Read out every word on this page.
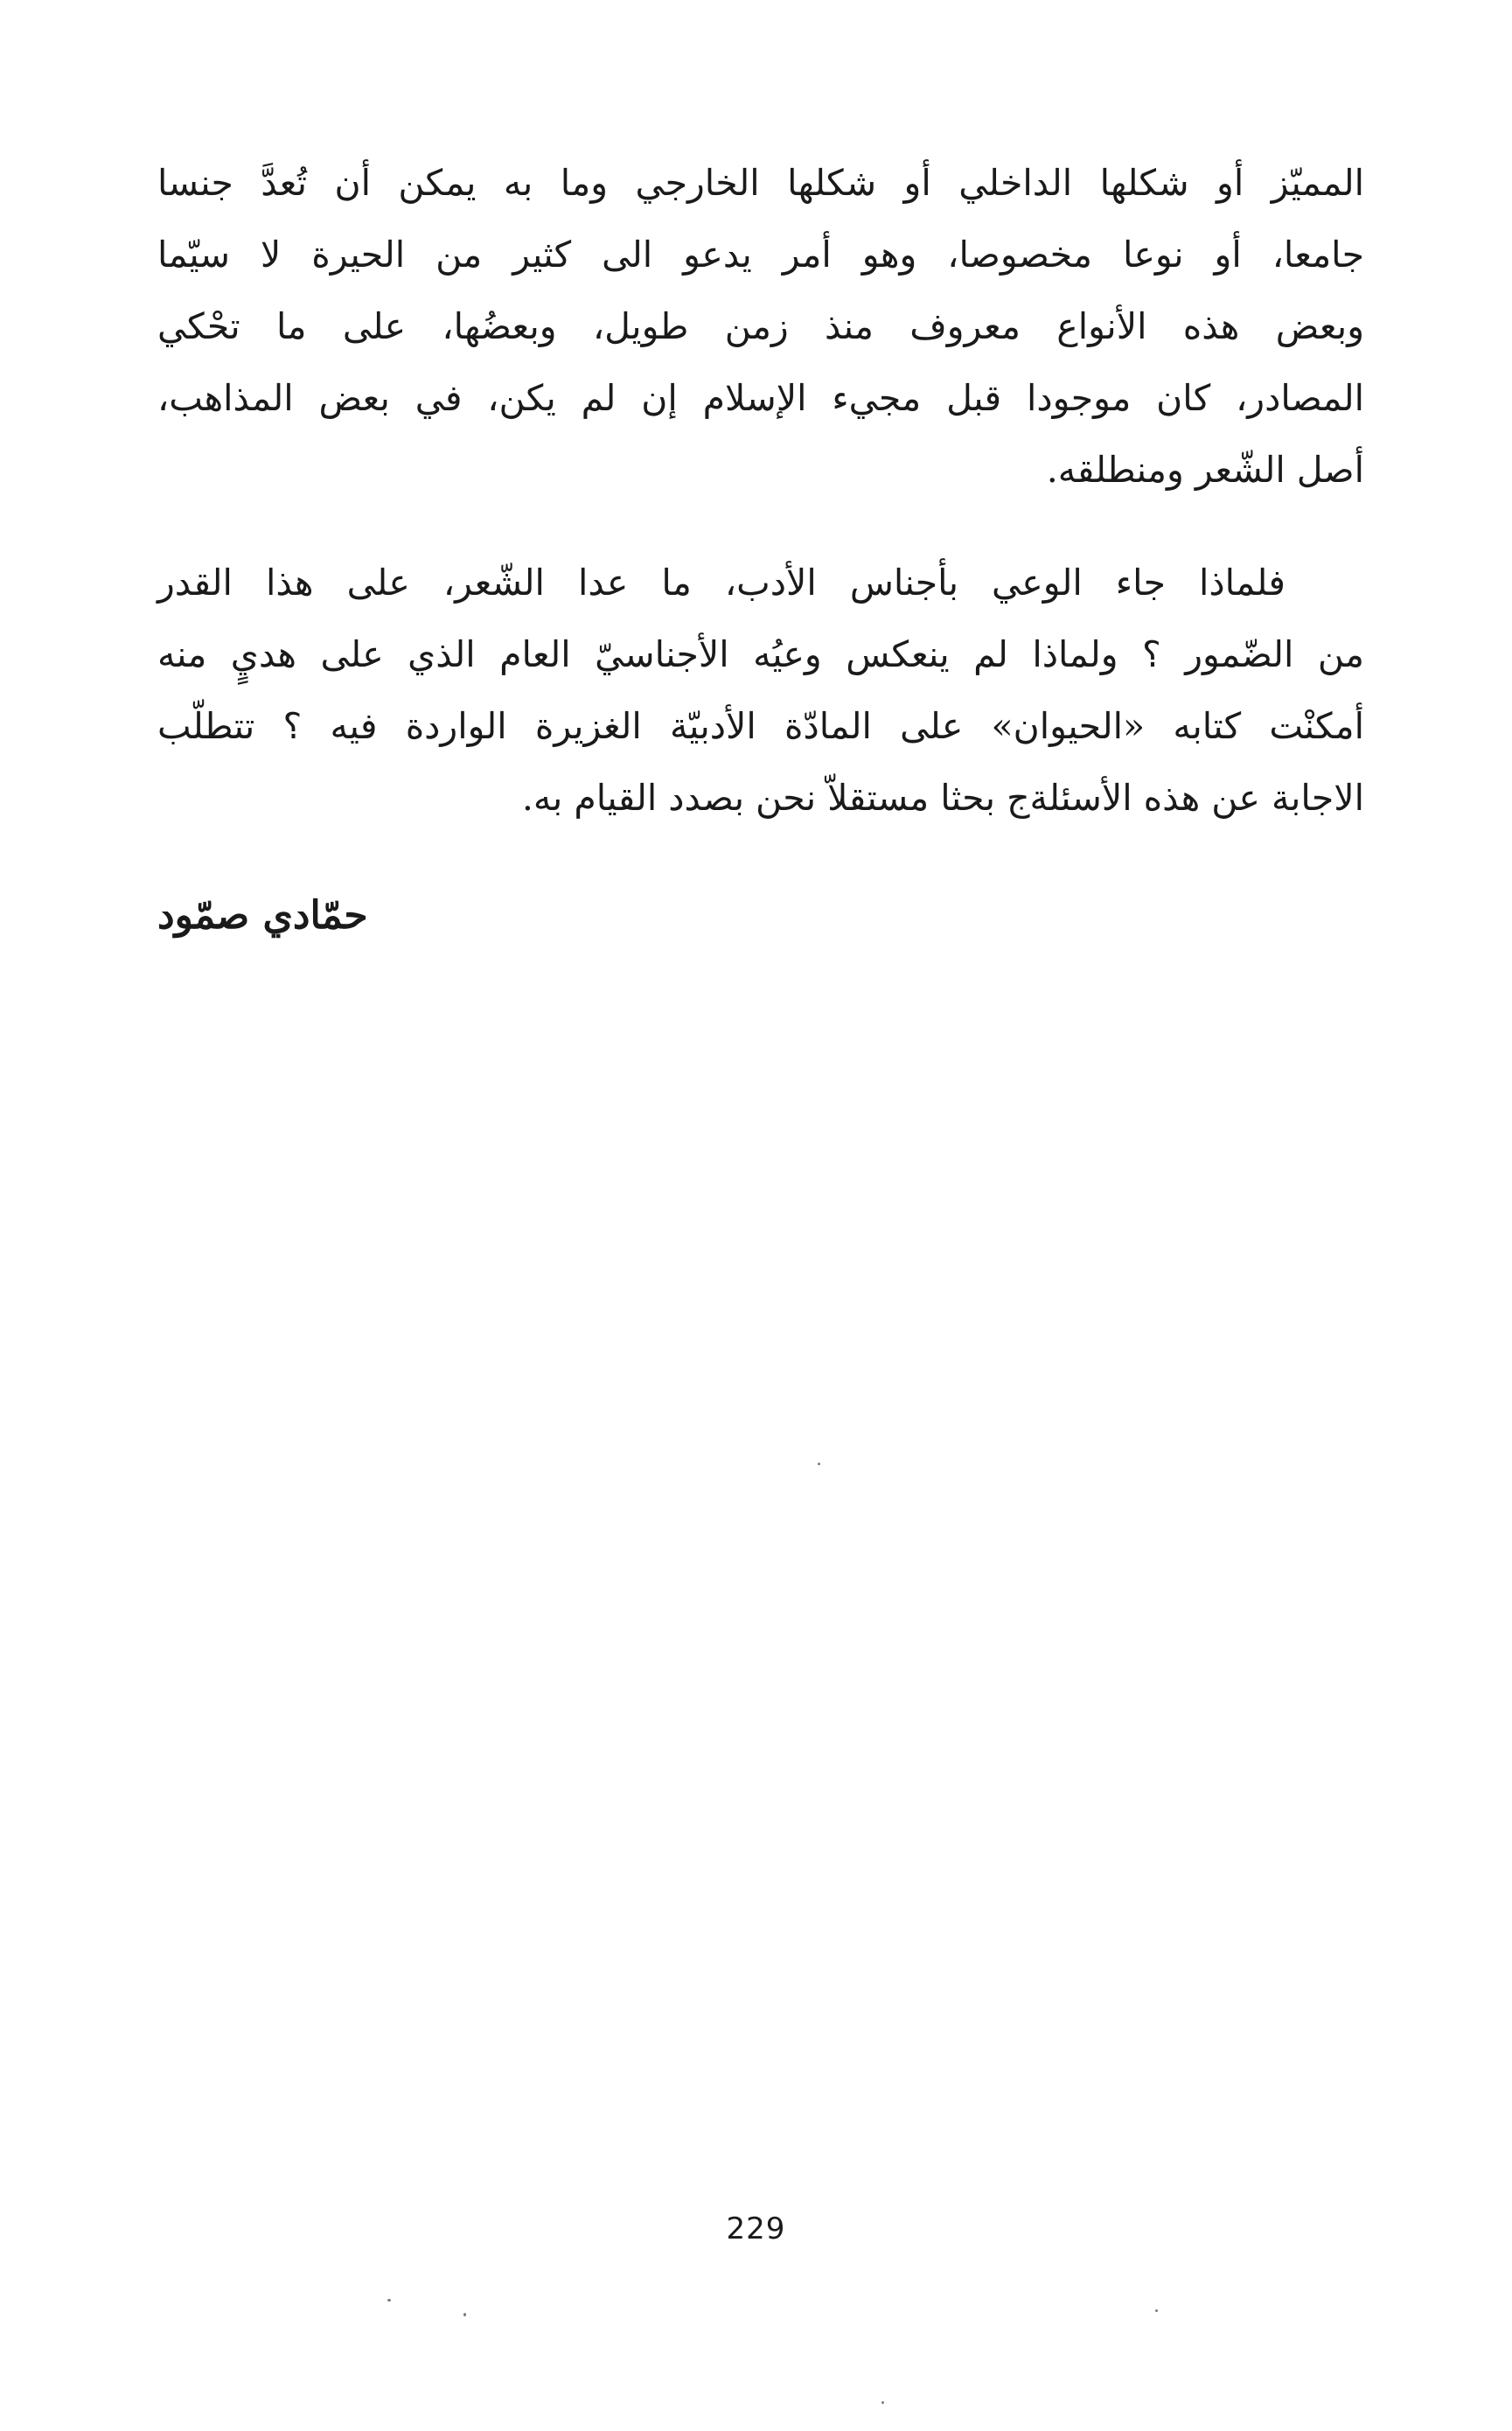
المميّز أو شكلها الداخلي أو شكلها الخارجي وما به يمكن أن تُعدَّ جنسا
جامعا، أو نوعا مخصوصا، وهو أمر يدعو الى كثير من الحيرة لا سيّما
وبعض هذه الأنواع معروف منذ زمن طويل، وبعضُها، على ما تحْكي
المصادر، كان موجودا قبل مجيء الإسلام إن لم يكن، في بعض المذاهب،
أصل الشّعر ومنطلقه.
فلماذا جاء الوعي بأجناس الأدب، ما عدا الشّعر، على هذا القدر
من الضّمور ؟ ولماذا لم ينعكس وعيُه الأجناسيّ العام الذي على هديٍ منه
أمكنْت كتابه «الحيوان» على المادّة الأدبيّة الغزيرة الواردة فيه ؟ تتطلّب
الاجابة عن هذه الأسئلةج بحثا مستقلاّ نحن بصدد القيام به.
حمّادي صمّود
229
